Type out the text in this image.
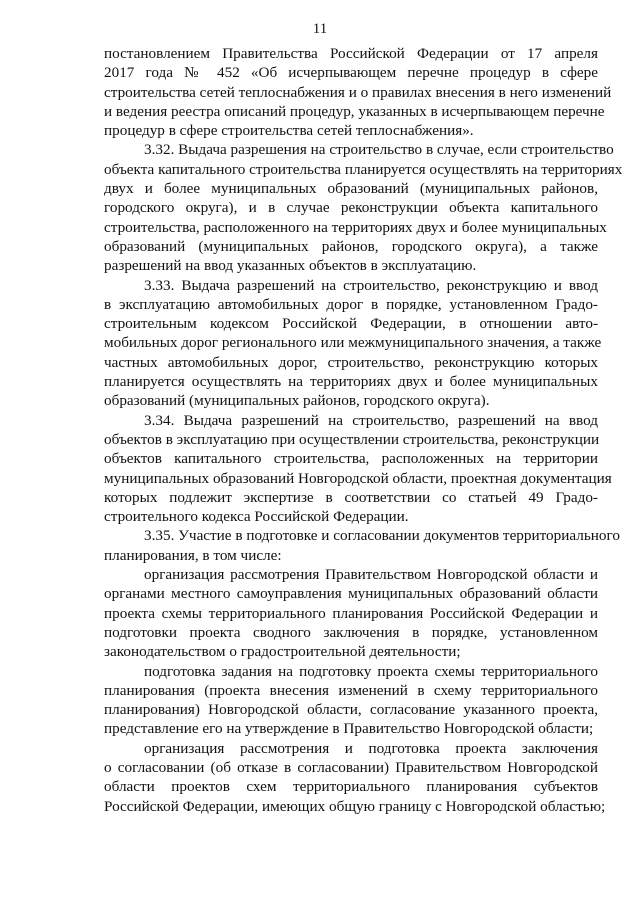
11
постановлением Правительства Российской Федерации от 17 апреля
2017 года № 452 «Об исчерпывающем перечне процедур в сфере
строительства сетей теплоснабжения и о правилах внесения в него изменений
и ведения реестра описаний процедур, указанных в исчерпывающем перечне
процедур в сфере строительства сетей теплоснабжения».
3.32. Выдача разрешения на строительство в случае, если строительство
объекта капитального строительства планируется осуществлять на территориях
двух и более муниципальных образований (муниципальных районов,
городского округа), и в случае реконструкции объекта капитального
строительства, расположенного на территориях двух и более муниципальных
образований (муниципальных районов, городского округа), а также
разрешений на ввод указанных объектов в эксплуатацию.
3.33. Выдача разрешений на строительство, реконструкцию и ввод
в эксплуатацию автомобильных дорог в порядке, установленном Градо-
строительным кодексом Российской Федерации, в отношении авто-
мобильных дорог регионального или межмуниципального значения, а также
частных автомобильных дорог, строительство, реконструкцию которых
планируется осуществлять на территориях двух и более муниципальных
образований (муниципальных районов, городского округа).
3.34. Выдача разрешений на строительство, разрешений на ввод
объектов в эксплуатацию при осуществлении строительства, реконструкции
объектов капитального строительства, расположенных на территории
муниципальных образований Новгородской области, проектная документация
которых подлежит экспертизе в соответствии со статьей 49 Градо-
строительного кодекса Российской Федерации.
3.35. Участие в подготовке и согласовании документов территориального
планирования, в том числе:
организация рассмотрения Правительством Новгородской области и
органами местного самоуправления муниципальных образований области
проекта схемы территориального планирования Российской Федерации и
подготовки проекта сводного заключения в порядке, установленном
законодательством о градостроительной деятельности;
подготовка задания на подготовку проекта схемы территориального
планирования (проекта внесения изменений в схему территориального
планирования) Новгородской области, согласование указанного проекта,
представление его на утверждение в Правительство Новгородской области;
организация рассмотрения и подготовка проекта заключения
о согласовании (об отказе в согласовании) Правительством Новгородской
области проектов схем территориального планирования субъектов
Российской Федерации, имеющих общую границу с Новгородской областью;
